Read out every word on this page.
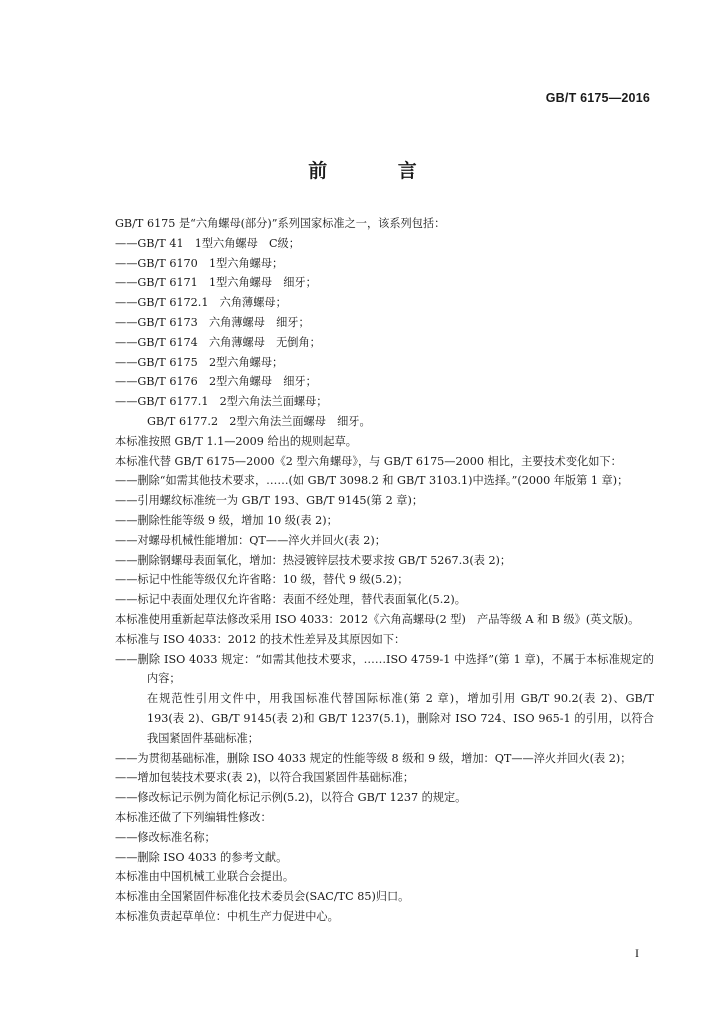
GB/T 6175—2016
前 言
GB/T 6175 是“六角螺母(部分)”系列国家标准之一，该系列包括：
——GB/T 41　1型六角螺母　C级；
——GB/T 6170　1型六角螺母；
——GB/T 6171　1型六角螺母　细牙；
——GB/T 6172.1　六角薄螺母；
——GB/T 6173　六角薄螺母　细牙；
——GB/T 6174　六角薄螺母　无倒角；
——GB/T 6175　2型六角螺母；
——GB/T 6176　2型六角螺母　细牙；
——GB/T 6177.1　2型六角法兰面螺母；
GB/T 6177.2　2型六角法兰面螺母　细牙。
本标准按照 GB/T 1.1—2009 给出的规则起草。
本标准代替 GB/T 6175—2000《2 型六角螺母》，与 GB/T 6175—2000 相比，主要技术变化如下：
——删除“如需其他技术要求，……(如 GB/T 3098.2 和 GB/T 3103.1)中选择。”(2000 年版第 1 章)；
——引用螺纹标准统一为 GB/T 193、GB/T 9145(第 2 章)；
——删除性能等级 9 级，增加 10 级(表 2)；
——对螺母机械性能增加：QT——淬火并回火(表 2)；
——删除钢螺母表面氧化，增加：热浸镀锌层技术要求按 GB/T 5267.3(表 2)；
——标记中性能等级仅允许省略：10 级，替代 9 级(5.2)；
——标记中表面处理仅允许省略：表面不经处理，替代表面氧化(5.2)。
本标准使用重新起草法修改采用 ISO 4033：2012《六角高螺母(2 型)　产品等级 A 和 B 级》(英文版)。
本标准与 ISO 4033：2012 的技术性差异及其原因如下：
——删除 ISO 4033 规定：“如需其他技术要求，……ISO 4759-1 中选择”(第 1 章)，不属于本标准规定的内容；
在规范性引用文件中，用我国标准代替国际标准(第 2 章)，增加引用 GB/T 90.2(表 2)、GB/T 193(表 2)、GB/T 9145(表 2)和 GB/T 1237(5.1)，删除对 ISO 724、ISO 965-1 的引用，以符合我国紧固件基础标准；
——为贯彻基础标准，删除 ISO 4033 规定的性能等级 8 级和 9 级，增加：QT——淬火并回火(表 2)；
——增加包装技术要求(表 2)，以符合我国紧固件基础标准；
——修改标记示例为简化标记示例(5.2)，以符合 GB/T 1237 的规定。
本标准还做了下列编辑性修改：
——修改标准名称；
——删除 ISO 4033 的参考文献。
本标准由中国机械工业联合会提出。
本标准由全国紧固件标准化技术委员会(SAC/TC 85)归口。
本标准负责起草单位：中机生产力促进中心。
I
